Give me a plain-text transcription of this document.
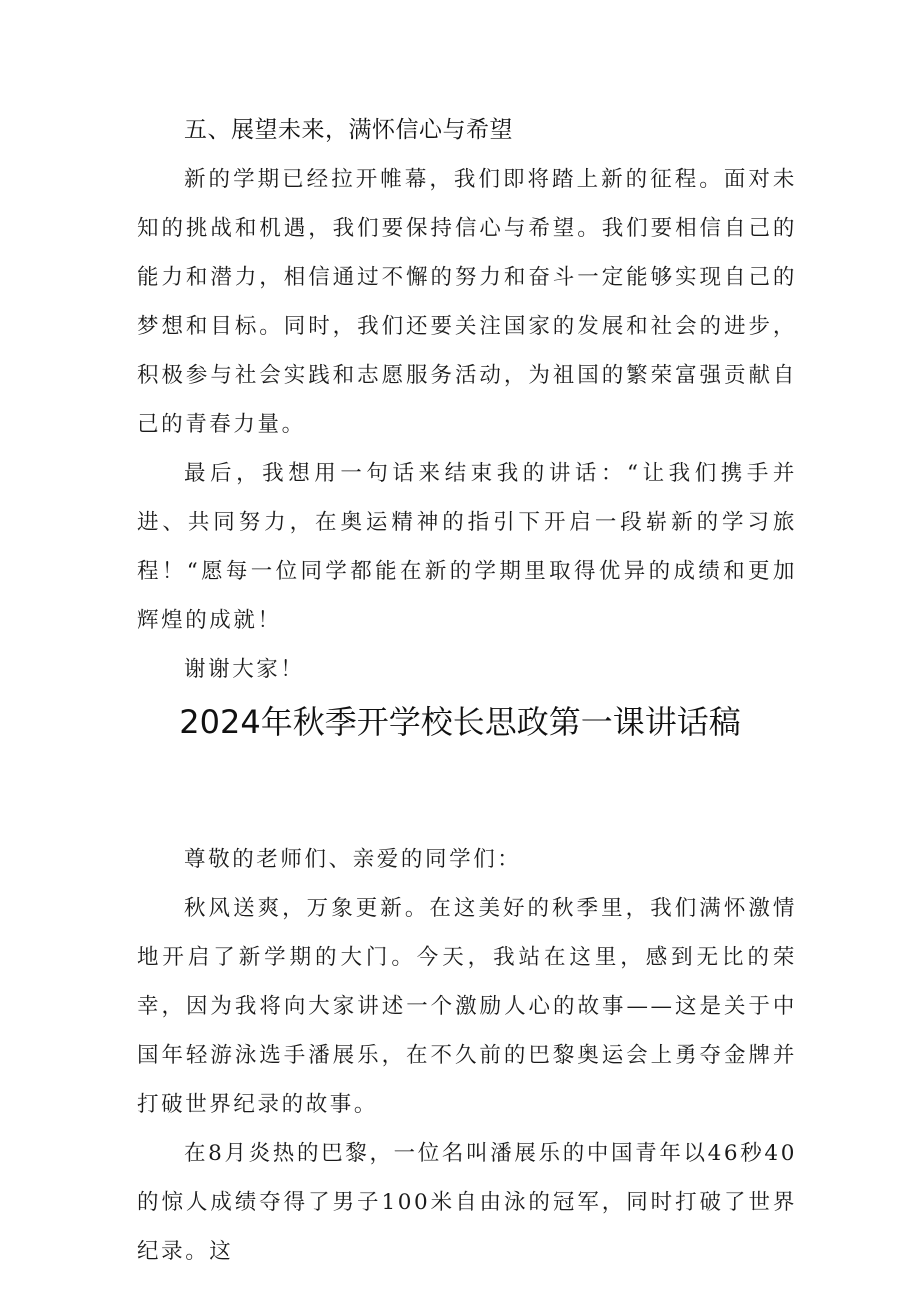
五、展望未来，满怀信心与希望

新的学期已经拉开帷幕，我们即将踏上新的征程。面对未知的挑战和机遇，我们要保持信心与希望。我们要相信自己的能力和潜力，相信通过不懈的努力和奋斗一定能够实现自己的梦想和目标。同时，我们还要关注国家的发展和社会的进步，积极参与社会实践和志愿服务活动，为祖国的繁荣富强贡献自己的青春力量。

最后，我想用一句话来结束我的讲话：“让我们携手并进、共同努力，在奥运精神的指引下开启一段崭新的学习旅程！“愿每一位同学都能在新的学期里取得优异的成绩和更加辉煌的成就！

谢谢大家！

2024年秋季开学校长思政第一课讲话稿

尊敬的老师们、亲爱的同学们：

秋风送爽，万象更新。在这美好的秋季里，我们满怀激情地开启了新学期的大门。今天，我站在这里，感到无比的荣幸，因为我将向大家讲述一个激励人心的故事——这是关于中国年轻游泳选手潘展乐，在不久前的巴黎奥运会上勇夺金牌并打破世界纪录的故事。

在8月炎热的巴黎，一位名叫潘展乐的中国青年以46秒40的惊人成绩夺得了男子100米自由泳的冠军，同时打破了世界纪录。这
